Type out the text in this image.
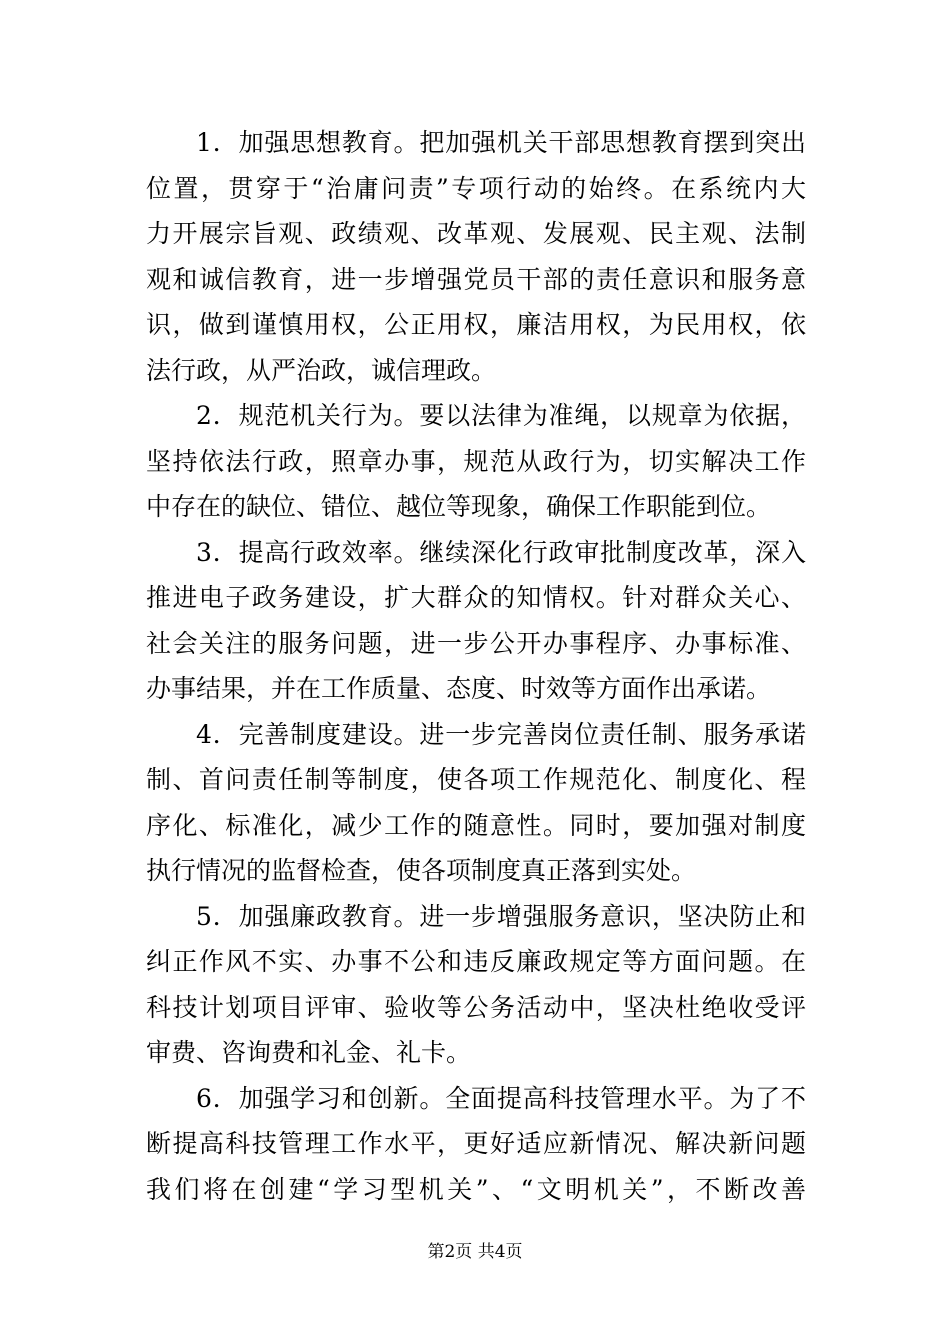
1．加强思想教育。把加强机关干部思想教育摆到突出
位置，贯穿于“治庸问责”专项行动的始终。在系统内大
力开展宗旨观、政绩观、改革观、发展观、民主观、法制
观和诚信教育，进一步增强党员干部的责任意识和服务意
识，做到谨慎用权，公正用权，廉洁用权，为民用权，依
法行政，从严治政，诚信理政。
2．规范机关行为。要以法律为准绳，以规章为依据，
坚持依法行政，照章办事，规范从政行为，切实解决工作
中存在的缺位、错位、越位等现象，确保工作职能到位。
3．提高行政效率。继续深化行政审批制度改革，深入
推进电子政务建设，扩大群众的知情权。针对群众关心、
社会关注的服务问题，进一步公开办事程序、办事标准、
办事结果，并在工作质量、态度、时效等方面作出承诺。
4．完善制度建设。进一步完善岗位责任制、服务承诺
制、首问责任制等制度，使各项工作规范化、制度化、程
序化、标准化，减少工作的随意性。同时，要加强对制度
执行情况的监督检查，使各项制度真正落到实处。
5．加强廉政教育。进一步增强服务意识，坚决防止和
纠正作风不实、办事不公和违反廉政规定等方面问题。在
科技计划项目评审、验收等公务活动中，坚决杜绝收受评
审费、咨询费和礼金、礼卡。
6．加强学习和创新。全面提高科技管理水平。为了不
断提高科技管理工作水平，更好适应新情况、解决新问题
我们将在创建“学习型机关”、“文明机关”，不断改善
第2页 共4页
